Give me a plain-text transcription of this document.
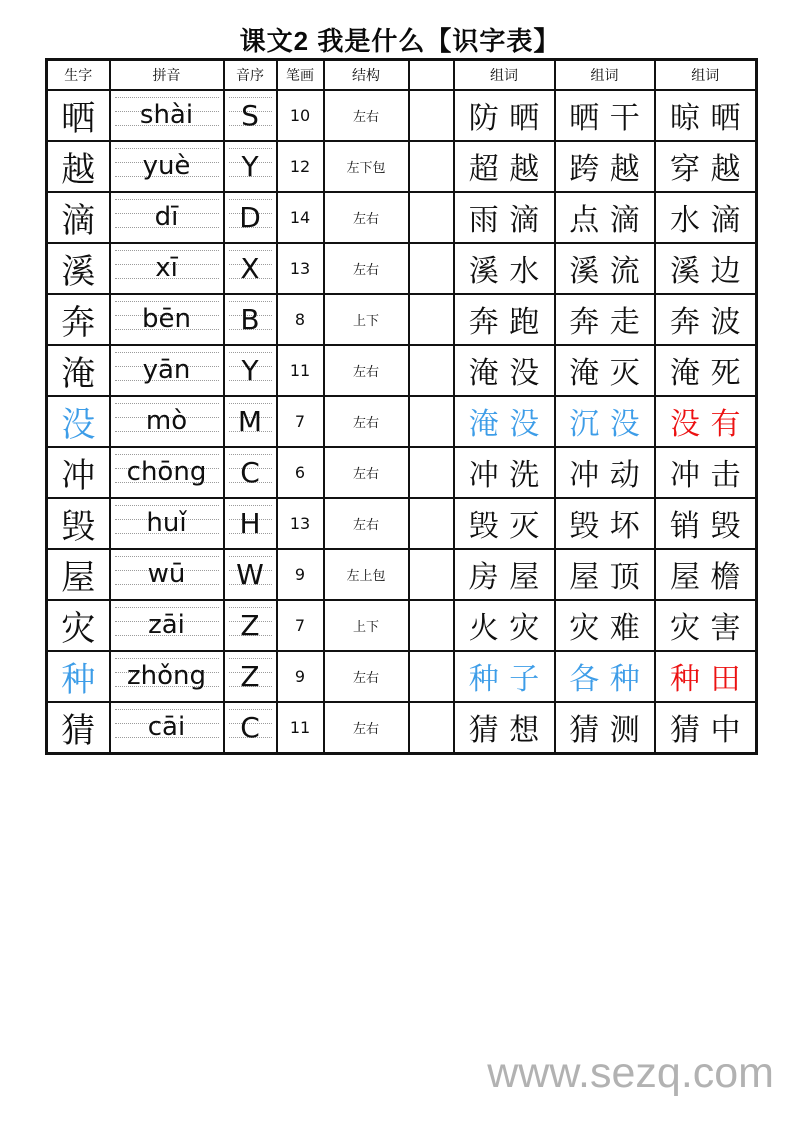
课文2 我是什么【识字表】
生字	拼音	音序	笔画	结构		组词	组词	组词
晒	shài	S	10	左右		防晒	晒干	晾晒
越	yuè	Y	12	左下包		超越	跨越	穿越
滴	dī	D	14	左右		雨滴	点滴	水滴
溪	xī	X	13	左右		溪水	溪流	溪边
奔	bēn	B	8	上下		奔跑	奔走	奔波
淹	yān	Y	11	左右		淹没	淹灭	淹死
没	mò	M	7	左右		淹没	沉没	没有
冲	chōng	C	6	左右		冲洗	冲动	冲击
毁	huǐ	H	13	左右		毁灭	毁坏	销毁
屋	wū	W	9	左上包		房屋	屋顶	屋檐
灾	zāi	Z	7	上下		火灾	灾难	灾害
种	zhǒng	Z	9	左右		种子	各种	种田
猜	cāi	C	11	左右		猜想	猜测	猜中
www.sezq.com
